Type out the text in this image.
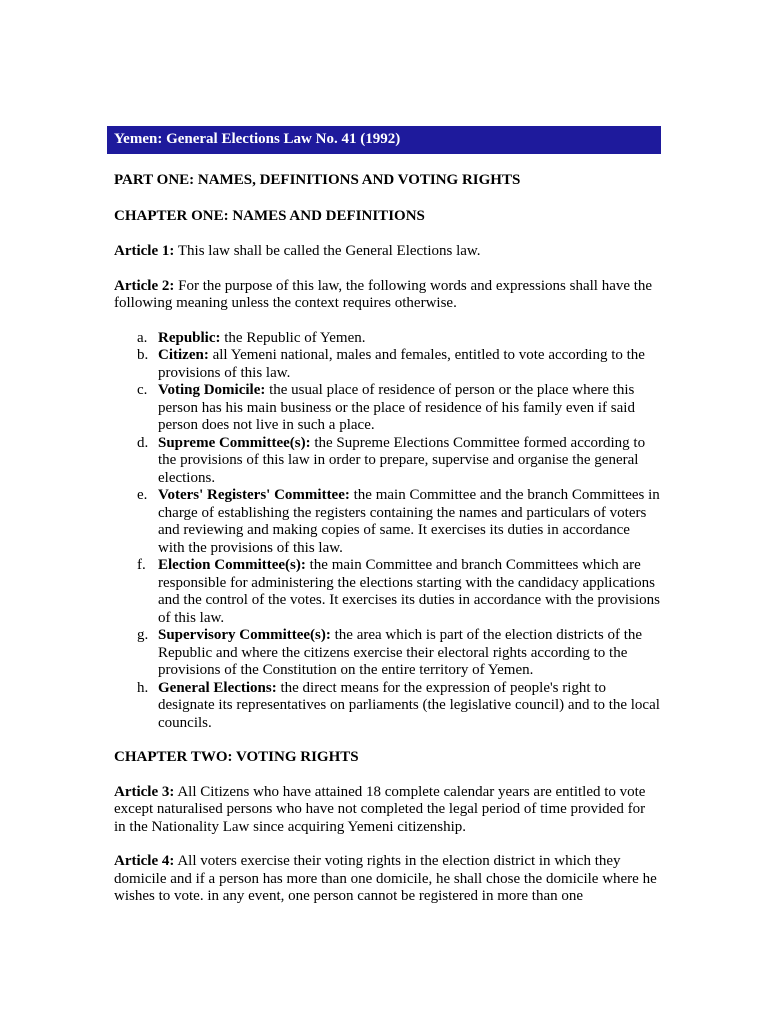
Yemen: General Elections Law No. 41 (1992)

PART ONE: NAMES, DEFINITIONS AND VOTING RIGHTS

CHAPTER ONE: NAMES AND DEFINITIONS

Article 1: This law shall be called the General Elections law.

Article 2: For the purpose of this law, the following words and expressions shall have the following meaning unless the context requires otherwise.

a. Republic: the Republic of Yemen.
b. Citizen: all Yemeni national, males and females, entitled to vote according to the provisions of this law.
c. Voting Domicile: the usual place of residence of person or the place where this person has his main business or the place of residence of his family even if said person does not live in such a place.
d. Supreme Committee(s): the Supreme Elections Committee formed according to the provisions of this law in order to prepare, supervise and organise the general elections.
e. Voters' Registers' Committee: the main Committee and the branch Committees in charge of establishing the registers containing the names and particulars of voters and reviewing and making copies of same. It exercises its duties in accordance with the provisions of this law.
f. Election Committee(s): the main Committee and branch Committees which are responsible for administering the elections starting with the candidacy applications and the control of the votes. It exercises its duties in accordance with the provisions of this law.
g. Supervisory Committee(s): the area which is part of the election districts of the Republic and where the citizens exercise their electoral rights according to the provisions of the Constitution on the entire territory of Yemen.
h. General Elections: the direct means for the expression of people's right to designate its representatives on parliaments (the legislative council) and to the local councils.

CHAPTER TWO: VOTING RIGHTS

Article 3: All Citizens who have attained 18 complete calendar years are entitled to vote except naturalised persons who have not completed the legal period of time provided for in the Nationality Law since acquiring Yemeni citizenship.

Article 4: All voters exercise their voting rights in the election district in which they domicile and if a person has more than one domicile, he shall chose the domicile where he wishes to vote. in any event, one person cannot be registered in more than one
